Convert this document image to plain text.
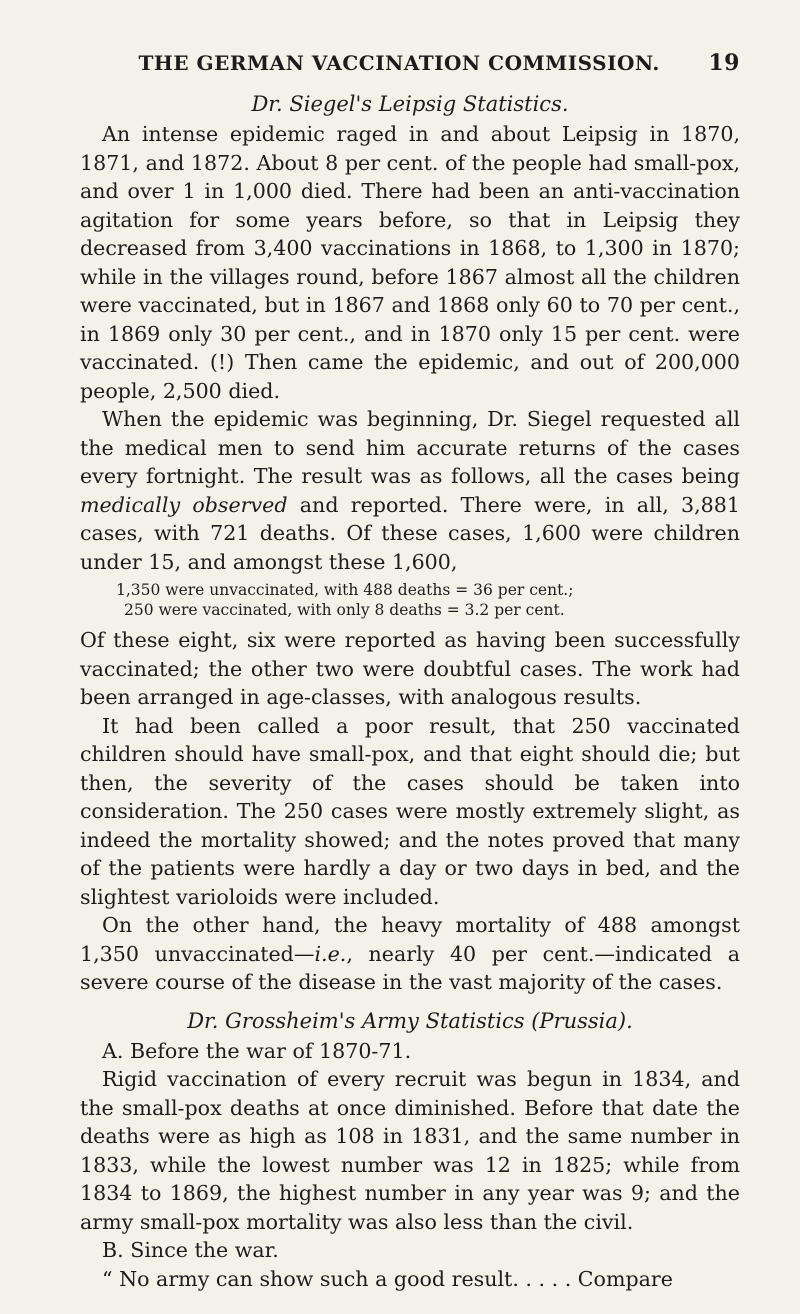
THE GERMAN VACCINATION COMMISSION.	19
Dr. Siegel's Leipsig Statistics.

An intense epidemic raged in and about Leipsig in 1870, 1871, and 1872. About 8 per cent. of the people had small-pox, and over 1 in 1,000 died. There had been an anti-vaccination agitation for some years before, so that in Leipsig they decreased from 3,400 vaccinations in 1868, to 1,300 in 1870; while in the villages round, before 1867 almost all the children were vaccinated, but in 1867 and 1868 only 60 to 70 per cent., in 1869 only 30 per cent., and in 1870 only 15 per cent. were vaccinated. (!) Then came the epidemic, and out of 200,000 people, 2,500 died.

When the epidemic was beginning, Dr. Siegel requested all the medical men to send him accurate returns of the cases every fortnight. The result was as follows, all the cases being medically observed and reported. There were, in all, 3,881 cases, with 721 deaths. Of these cases, 1,600 were children under 15, and amongst these 1,600,

1,350 were unvaccinated, with 488 deaths = 36 per cent.;
250 were vaccinated, with only 8 deaths = 3.2 per cent.

Of these eight, six were reported as having been successfully vaccinated; the other two were doubtful cases. The work had been arranged in age-classes, with analogous results.

It had been called a poor result, that 250 vaccinated children should have small-pox, and that eight should die; but then, the severity of the cases should be taken into consideration. The 250 cases were mostly extremely slight, as indeed the mortality showed; and the notes proved that many of the patients were hardly a day or two days in bed, and the slightest varioloids were included.

On the other hand, the heavy mortality of 488 amongst 1,350 unvaccinated—i.e., nearly 40 per cent.—indicated a severe course of the disease in the vast majority of the cases.

Dr. Grossheim's Army Statistics (Prussia).

A. Before the war of 1870-71.

Rigid vaccination of every recruit was begun in 1834, and the small-pox deaths at once diminished. Before that date the deaths were as high as 108 in 1831, and the same number in 1833, while the lowest number was 12 in 1825; while from 1834 to 1869, the highest number in any year was 9; and the army small-pox mortality was also less than the civil.

B. Since the war.

“ No army can show such a good result. . . . . Compare
